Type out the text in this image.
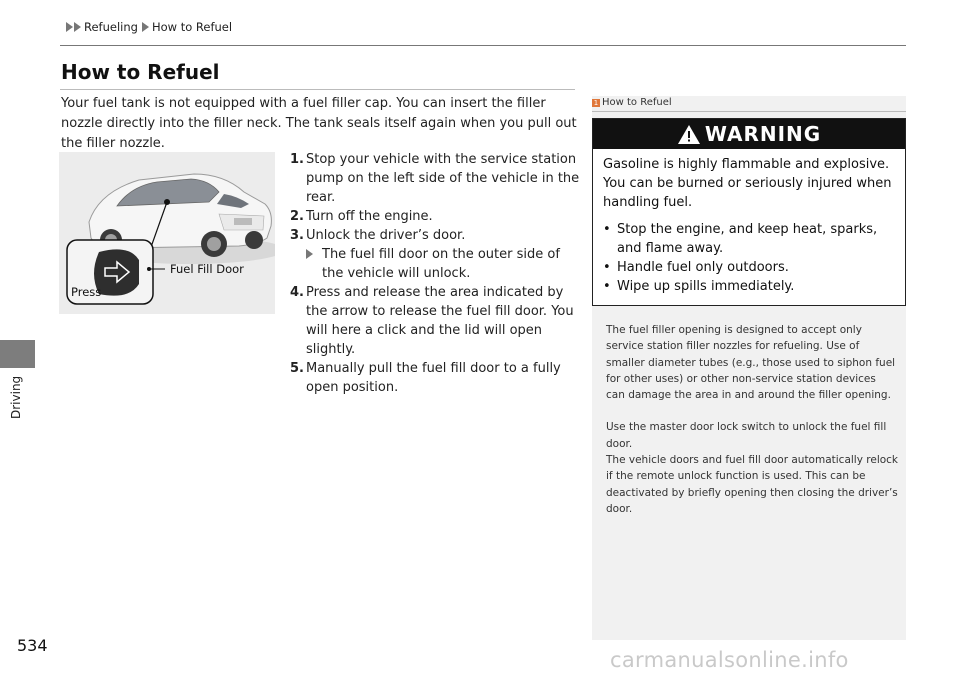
Refueling How to Refuel
How to Refuel

Your fuel tank is not equipped with a fuel filler cap. You can insert the filler nozzle directly into the filler neck. The tank seals itself again when you pull out the filler nozzle.

Fuel Fill Door
Press
1. Stop your vehicle with the service station pump on the left side of the vehicle in the rear.
2. Turn off the engine.
3. Unlock the driver’s door.
The fuel fill door on the outer side of the vehicle will unlock.
4. Press and release the area indicated by the arrow to release the fuel fill door. You will here a click and the lid will open slightly.
5. Manually pull the fuel fill door to a fully open position.
1 How to Refuel
WARNING

Gasoline is highly flammable and explosive. You can be burned or seriously injured when handling fuel.

• Stop the engine, and keep heat, sparks, and flame away.
• Handle fuel only outdoors.
• Wipe up spills immediately.

The fuel filler opening is designed to accept only service station filler nozzles for refueling. Use of smaller diameter tubes (e.g., those used to siphon fuel for other uses) or other non-service station devices can damage the area in and around the filler opening.

Use the master door lock switch to unlock the fuel fill door.
The vehicle doors and fuel fill door automatically relock if the remote unlock function is used. This can be deactivated by briefly opening then closing the driver’s door.

Driving
534
carmanualsonline.info
